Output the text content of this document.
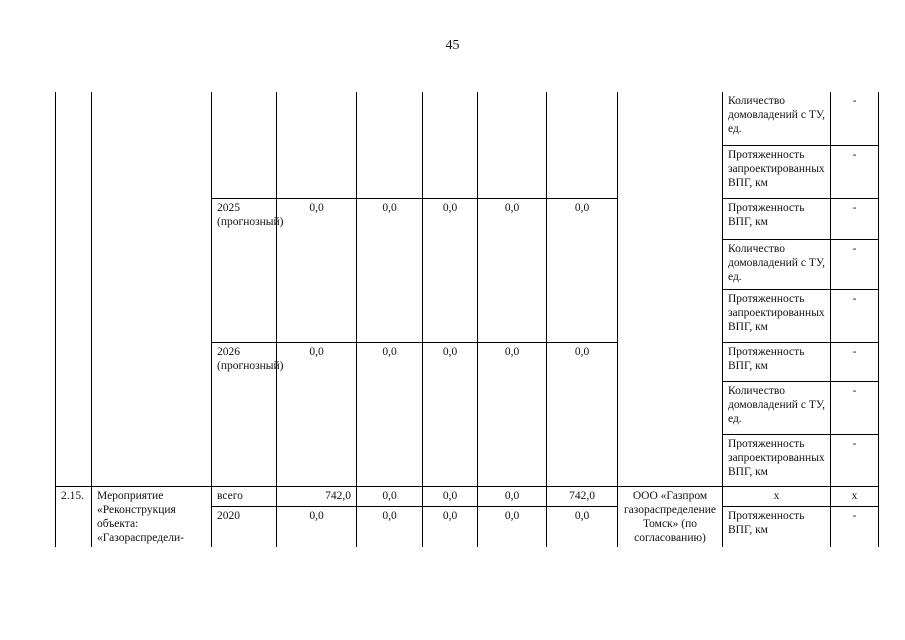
45
									Количество домовладений с ТУ, ед.	-
									Протяженность запроектированных ВПГ, км	-
		2025 (прогнозный)	0,0	0,0	0,0	0,0	0,0		Протяженность ВПГ, км	-
									Количество домовладений с ТУ, ед.	-
									Протяженность запроектированных ВПГ, км	-

		2026 (прогнозный)	0,0	0,0	0,0	0,0	0,0		Протяженность ВПГ, км	-
									Количество домовладений с ТУ, ед.	-
									Протяженность запроектированных ВПГ, км	-

2.15.	Мероприятие «Реконструкция объекта: «Газораспредели-	всего	742,0	0,0	0,0	0,0	742,0	ООО «Газпром газораспределение Томск» (по согласованию)	х	х
		2020	0,0	0,0	0,0	0,0	0,0		Протяженность ВПГ, км	-
